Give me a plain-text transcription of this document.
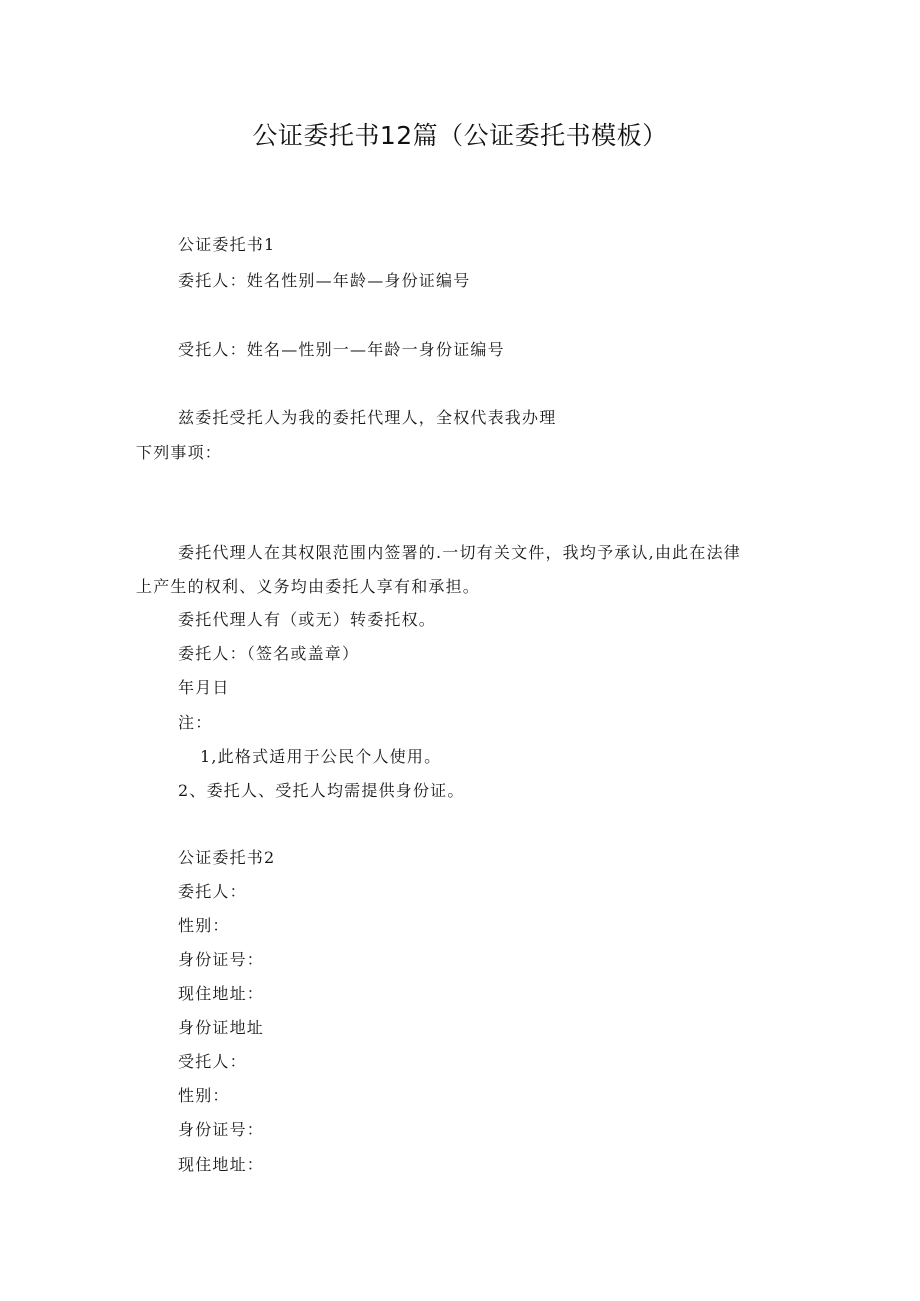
公证委托书12篇（公证委托书模板）
公证委托书1
委托人：姓名性别—年龄—身份证编号
受托人：姓名—性别一—年龄一身份证编号
兹委托受托人为我的委托代理人，全权代表我办理
下列事项：
委托代理人在其权限范围内签署的.一切有关文件，我均予承认,由此在法律
上产生的权利、义务均由委托人享有和承担。
委托代理人有（或无）转委托权。
委托人：（签名或盖章）
年月日
注：
1,此格式适用于公民个人使用。
2、委托人、受托人均需提供身份证。
公证委托书2
委托人：
性别：
身份证号：
现住地址：
身份证地址
受托人：
性别：
身份证号：
现住地址：
